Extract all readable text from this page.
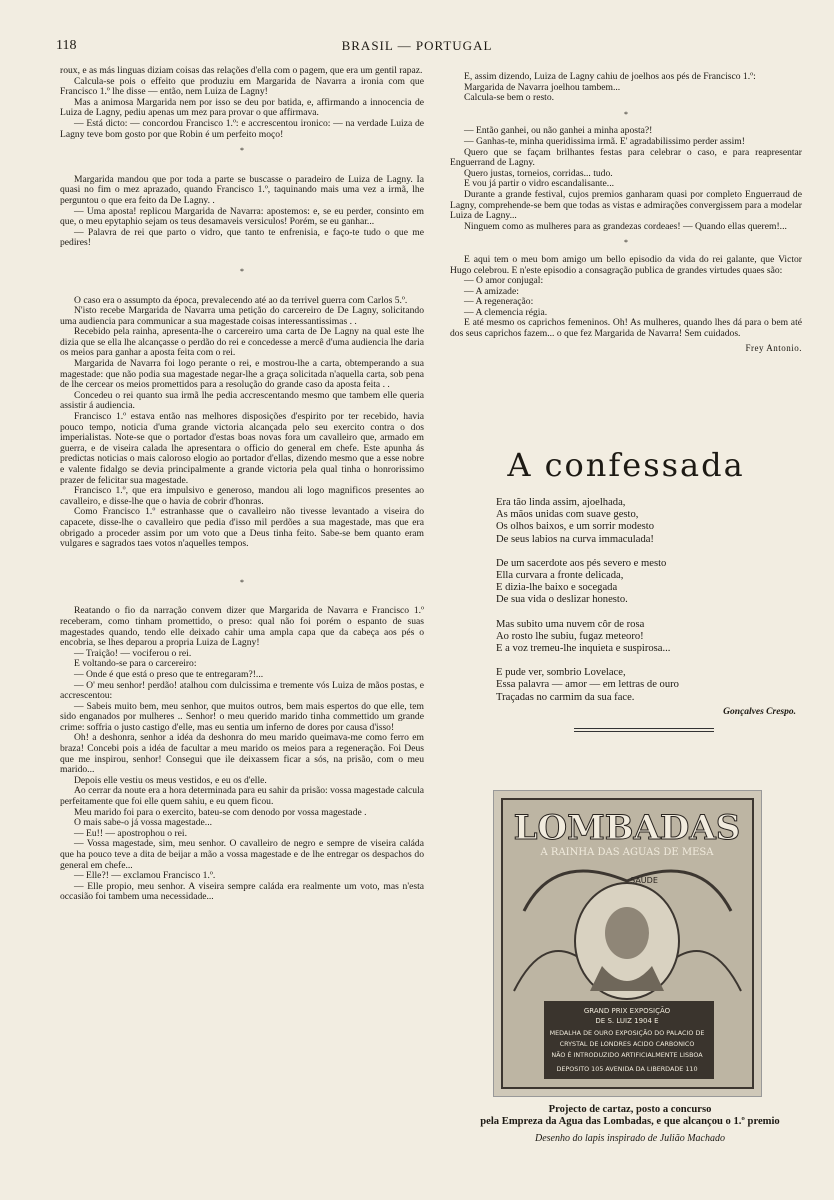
118	BRASIL — PORTUGAL

roux, e as más linguas diziam coisas das relações d'ella com o pagem, que era um gentil rapaz.

Calcula-se pois o effeito que produziu em Margarida de Navarra a ironia com que Francisco 1.º lhe disse — então, nem Luiza de Lagny!

Mas a animosa Margarida nem por isso se deu por batida, e, affirmando a innocencia de Luiza de Lagny, pediu apenas um mez para provar o que affirmava.

— Está dicto: — concordou Francisco 1.º: e accrescentou ironico: — na verdade Luiza de Lagny teve bom gosto por que Robin é um perfeito moço!

*

Margarida mandou que por toda a parte se buscasse o paradeiro de Luiza de Lagny. Ia quasi no fim o mez aprazado, quando Francisco 1.º, taquinando mais uma vez a irmã, lhe perguntou o que era feito da De Lagny. .

— Uma aposta! replicou Margarida de Navarra: apostemos: e, se eu perder, consinto em que, o meu epytaphio sejam os teus desamaveis versiculos! Porém, se eu ganhar...

— Palavra de rei que parto o vidro, que tanto te enfrenisia, e faço-te tudo o que me pedires!

*

O caso era o assumpto da época, prevalecendo até ao da terrivel guerra com Carlos 5.º.

N'isto recebe Margarida de Navarra uma petição do carcereiro de De Lagny, solicitando uma audiencia para communicar a sua magestade coisas interessantissimas . .

Recebido pela rainha, apresenta-lhe o carcereiro uma carta de De Lagny na qual este lhe dizia que se ella lhe alcançasse o perdão do rei e concedesse a mercê d'uma audiencia lhe daria os meios para ganhar a aposta feita com o rei.

Margarida de Navarra foi logo perante o rei, e mostrou-lhe a carta, obtemperando a sua magestade: que não podia sua magestade negar-lhe a graça solicitada n'aquella carta, sob pena de lhe cercear os meios promettidos para a resolução do grande caso da aposta feita . .

Concedeu o rei quanto sua irmã lhe pedia accrescentando mesmo que tambem elle queria assistir á audiencia.

Francisco 1.º estava então nas melhores disposições d'espirito por ter recebido, havia pouco tempo, noticia d'uma grande victoria alcançada pelo seu exercito contra o dos imperialistas. Note-se que o portador d'estas boas novas fora um cavalleiro que, armado em guerra, e de viseira calada lhe apresentara o officio do general em chefe. Este apunha ás predictas noticias o mais caloroso elogio ao portador d'ellas, dizendo mesmo que a esse nobre e valente fidalgo se devia principalmente a grande victoria pela qual tinha o honrorissimo prazer de felicitar sua magestade.

Francisco 1.º, que era impulsivo e generoso, mandou ali logo magnificos presentes ao cavalleiro, e disse-lhe que o havia de cobrir d'honras.

Como Francisco 1.º estranhasse que o cavalleiro não tivesse levantado a viseira do capacete, disse-lhe o cavalleiro que pedia d'isso mil perdões a sua magestade, mas que era obrigado a proceder assim por um voto que a Deus tinha feito. Sabe-se bem quanto eram vulgares e sagrados taes votos n'aquelles tempos.

*

Reatando o fio da narração convem dizer que Margarida de Navarra e Francisco 1.º receberam, como tinham promettido, o preso: qual não foi porém o espanto de suas magestades quando, tendo elle deixado cahir uma ampla capa que da cabeça aos pés o encobria, se lhes deparou a propria Luiza de Lagny!

— Traição! — vociferou o rei.

E voltando-se para o carcereiro:

— Onde é que está o preso que te entregaram?!...

— O' meu senhor! perdão! atalhou com dulcissima e tremente vós Luiza de mãos postas, e accrescentou:

— Sabeis muito bem, meu senhor, que muitos outros, bem mais espertos do que elle, tem sido enganados por mulheres .. Senhor! o meu querido marido tinha commettido um grande crime: soffria o justo castigo d'elle, mas eu sentia um inferno de dores por causa d'isso!

Oh! a deshonra, senhor a idéa da deshonra do meu marido queimava-me como ferro em braza! Concebi pois a idéa de facultar a meu marido os meios para a regeneração. Foi Deus que me inspirou, senhor! Consegui que ile deixassem ficar a sós, na prisão, com o meu marido...

Depois elle vestiu os meus vestidos, e eu os d'elle.

Ao cerrar da noute era a hora determinada para eu sahir da prisão: vossa magestade calcula perfeitamente que foi elle quem sahiu, e eu quem ficou.

Meu marido foi para o exercito, bateu-se com denodo por vossa magestade .

O mais sabe-o já vossa magestade...

— Eu!! — apostrophou o rei.

— Vossa magestade, sim, meu senhor. O cavalleiro de negro e sempre de viseira caláda que ha pouco teve a dita de beijar a mão a vossa magestade e de lhe entregar os despachos do general em chefe...

— Elle?! — exclamou Francisco 1.º.

— Elle propio, meu senhor. A viseira sempre caláda era realmente um voto, mas n'esta occasião foi tambem uma necessidade...

E, assim dizendo, Luiza de Lagny cahiu de joelhos aos pés de Francisco 1.º:

Margarida de Navarra joelhou tambem...

Calcula-se bem o resto.

*

— Então ganhei, ou não ganhei a minha aposta?!

— Ganhas-te, minha queridissima irmã. E' agradabilissimo perder assim!

Quero que se façam brilhantes festas para celebrar o caso, e para reapresentar Enguerrand de Lagny.

Quero justas, torneios, corridas... tudo.

E vou já partir o vidro escandalisante...

Durante a grande festival, cujos premios ganharam quasi por completo Enguerraud de Lagny, comprehende-se bem que todas as vistas e admirações convergissem para a modelar Luiza de Lagny...

Ninguem como as mulheres para as grandezas cordeaes! — Quando ellas querem!...

*

E aqui tem o meu bom amigo um bello episodio da vida do rei galante, que Victor Hugo celebrou. E n'este episodio a consagração publica de grandes virtudes quaes são:

— O amor conjugal:

— A amizade:

— A regeneração:

— A clemencia régia.

E até mesmo os caprichos femeninos. Oh! As mulheres, quando lhes dá para o bem até dos seus caprichos fazem... o que fez Margarida de Navarra! Sem cuidados.

Frey Antonio.
A confessada
Era tão linda assim, ajoelhada,
As mãos unidas com suave gesto,
Os olhos baixos, e um sorrir modesto
De seus labios na curva immaculada!
De um sacerdote aos pés severo e mesto
Ella curvara a fronte delicada,
E dizia-lhe baixo e socegada
De sua vida o deslizar honesto.
Mas subito uma nuvem côr de rosa
Ao rosto lhe subiu, fugaz meteoro!
E a voz tremeu-lhe inquieta e suspirosa...
E pude ver, sombrio Lovelace,
Essa palavra — amor — em lettras de ouro
Traçadas no carmim da sua face.
Gonçalves Crespo.
LOMBADAS
A RAINHA DAS AGUAS DE MESA
SAUDE
GRAND PRIX EXPOSIÇÃO
DE S. LUIZ 1904 E
MEDALHA DE OURO EXPOSIÇÃO DO PALACIO DE
CRYSTAL DE LONDRES ACIDO CARBONICO
NÃO É INTRODUZIDO ARTIFICIALMENTE LISBOA
DEPOSITO 105 AVENIDA DA LIBERDADE 110
Projecto de cartaz, posto a concurso
pela Empreza da Agua das Lombadas, e que alcançou o 1.º premio
Desenho do lapis inspirado de Julião Machado
